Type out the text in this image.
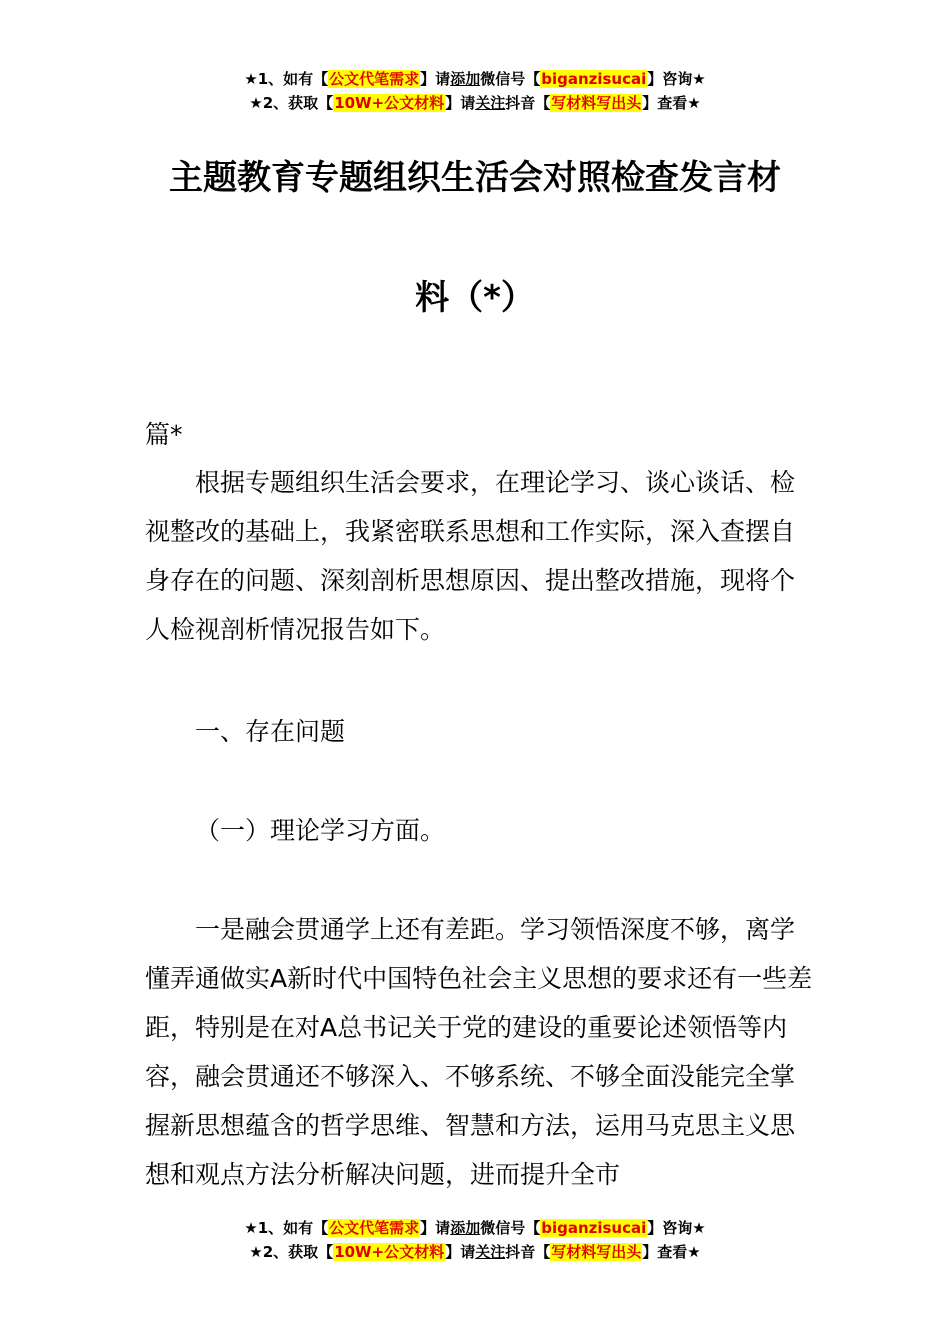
★1、如有【公文代笔需求】请添加微信号【biganzisucai】咨询★
★2、获取【10W+公文材料】请关注抖音【写材料写出头】查看★
主题教育专题组织生活会对照检查发言材
料（*）

篇*

根据专题组织生活会要求，在理论学习、谈心谈话、检视整改的基础上，我紧密联系思想和工作实际，深入查摆自身存在的问题、深刻剖析思想原因、提出整改措施，现将个人检视剖析情况报告如下。

一、存在问题

（一）理论学习方面。

一是融会贯通学上还有差距。学习领悟深度不够，离学懂弄通做实A新时代中国特色社会主义思想的要求还有一些差距，特别是在对A总书记关于党的建设的重要论述领悟等内容，融会贯通还不够深入、不够系统、不够全面没能完全掌握新思想蕴含的哲学思维、智慧和方法，运用马克思主义思想和观点方法分析解决问题，进而提升全市

★1、如有【公文代笔需求】请添加微信号【biganzisucai】咨询★
★2、获取【10W+公文材料】请关注抖音【写材料写出头】查看★
